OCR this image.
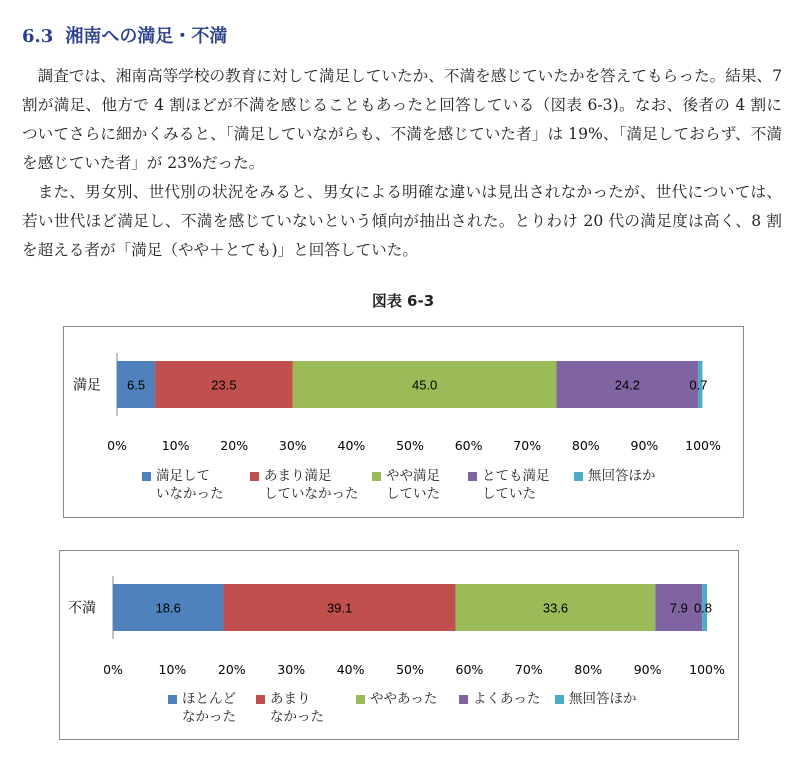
6.3 湘南への満足・不満

調査では、湘南高等学校の教育に対して満足していたか、不満を感じていたかを答えてもらった。結果、7 割が満足、他方で 4 割ほどが不満を感じることもあったと回答している（図表 6-3)。なお、後者の 4 割についてさらに細かくみると、「満足していながらも、不満を感じていた者」は 19%、「満足しておらず、不満を感じていた者」が 23%だった。

また、男女別、世代別の状況をみると、男女による明確な違いは見出されなかったが、世代については、若い世代ほど満足し、不満を感じていないという傾向が抽出された。とりわけ 20 代の満足度は高く、8 割を超える者が「満足（やや＋とても)」と回答していた。

図表 6-3
満足 6.5	23.5	45.0	24.2	0.7
0%	10% 20% 30% 40% 50% 60% 70% 80% 90% 100%
満足して
いなかった
あまり満足
していなかった
やや満足
していた
とても満足
していた
無回答ほか
不満	18.6	39.1	33.6	7.9 0.8
0%	10%	20%	30%	40%	50%	60%	70%	80%	90% 100%
ほとんど
なかった
あまり
なかった
ややあった	よくあった 無回答ほか
